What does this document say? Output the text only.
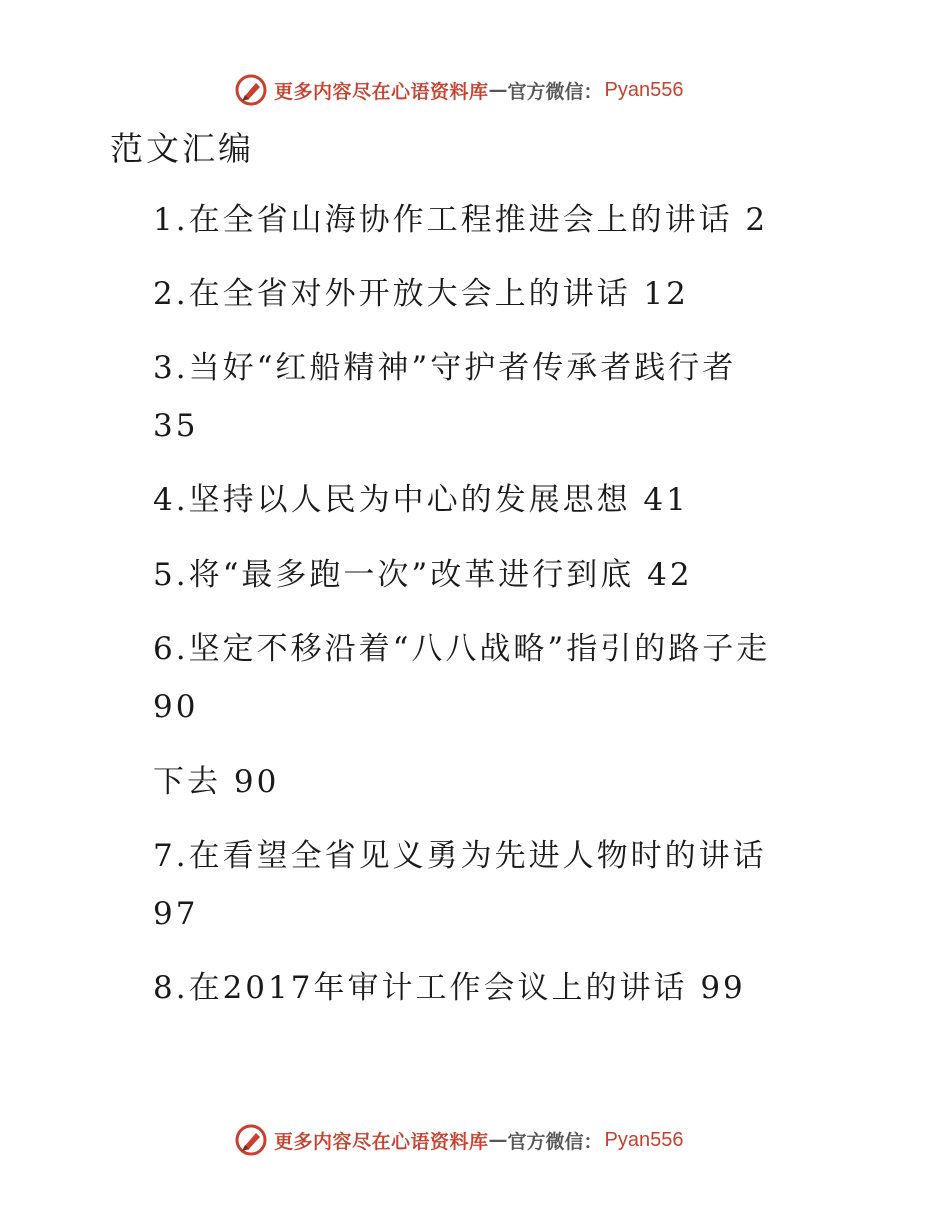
更多内容尽在心语资料库 — 官方微信： Pyan556
范文汇编
1.在全省山海协作工程推进会上的讲话 2
2.在全省对外开放大会上的讲话 12
3.当好“红船精神”守护者传承者践行者
35
4.坚持以人民为中心的发展思想 41
5.将“最多跑一次”改革进行到底 42
6.坚定不移沿着“八八战略”指引的路子走
90
下去 90
7.在看望全省见义勇为先进人物时的讲话
97
8.在2017年审计工作会议上的讲话 99
更多内容尽在心语资料库 — 官方微信： Pyan556
